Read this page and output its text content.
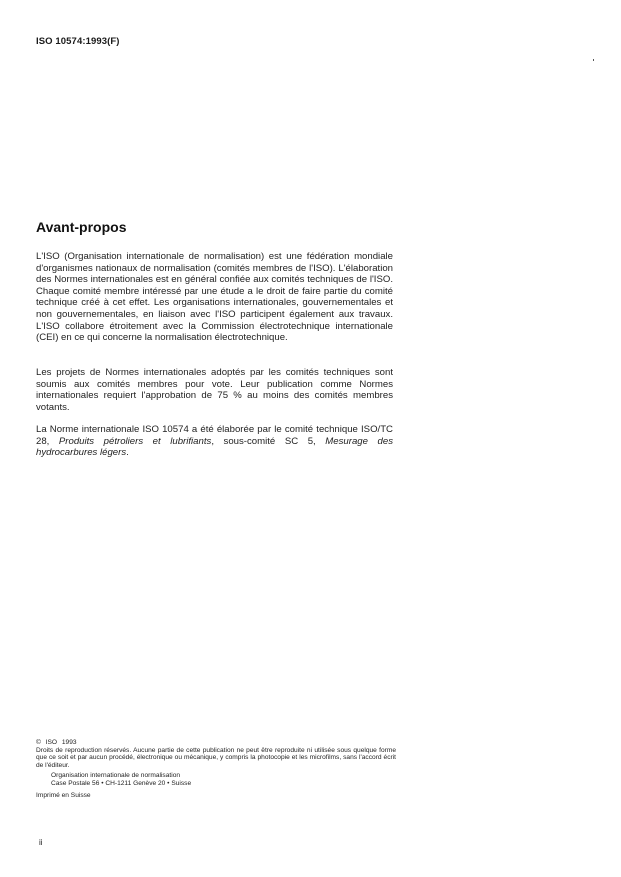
ISO 10574:1993(F)
Avant-propos

L'ISO (Organisation internationale de normalisation) est une fédération mondiale d'organismes nationaux de normalisation (comités membres de l'ISO). L'élaboration des Normes internationales est en général confiée aux comités techniques de l'ISO. Chaque comité membre intéressé par une étude a le droit de faire partie du comité technique créé à cet effet. Les organisations internationales, gouvernementales et non gouvernementales, en liaison avec l'ISO participent également aux travaux. L'ISO collabore étroitement avec la Commission électrotechnique internationale (CEI) en ce qui concerne la normalisation électrotechnique.

Les projets de Normes internationales adoptés par les comités techniques sont soumis aux comités membres pour vote. Leur publication comme Normes internationales requiert l'approbation de 75 % au moins des comités membres votants.

La Norme internationale ISO 10574 a été élaborée par le comité technique ISO/TC 28, Produits pétroliers et lubrifiants, sous-comité SC 5, Mesurage des hydrocarbures légers.

© ISO 1993

Droits de reproduction réservés. Aucune partie de cette publication ne peut être reproduite ni utilisée sous quelque forme que ce soit et par aucun procédé, électronique ou mécanique, y compris la photocopie et les microfilms, sans l'accord écrit de l'éditeur.

Organisation internationale de normalisation
Case Postale 56 • CH-1211 Genève 20 • Suisse

Imprimé en Suisse

ii
